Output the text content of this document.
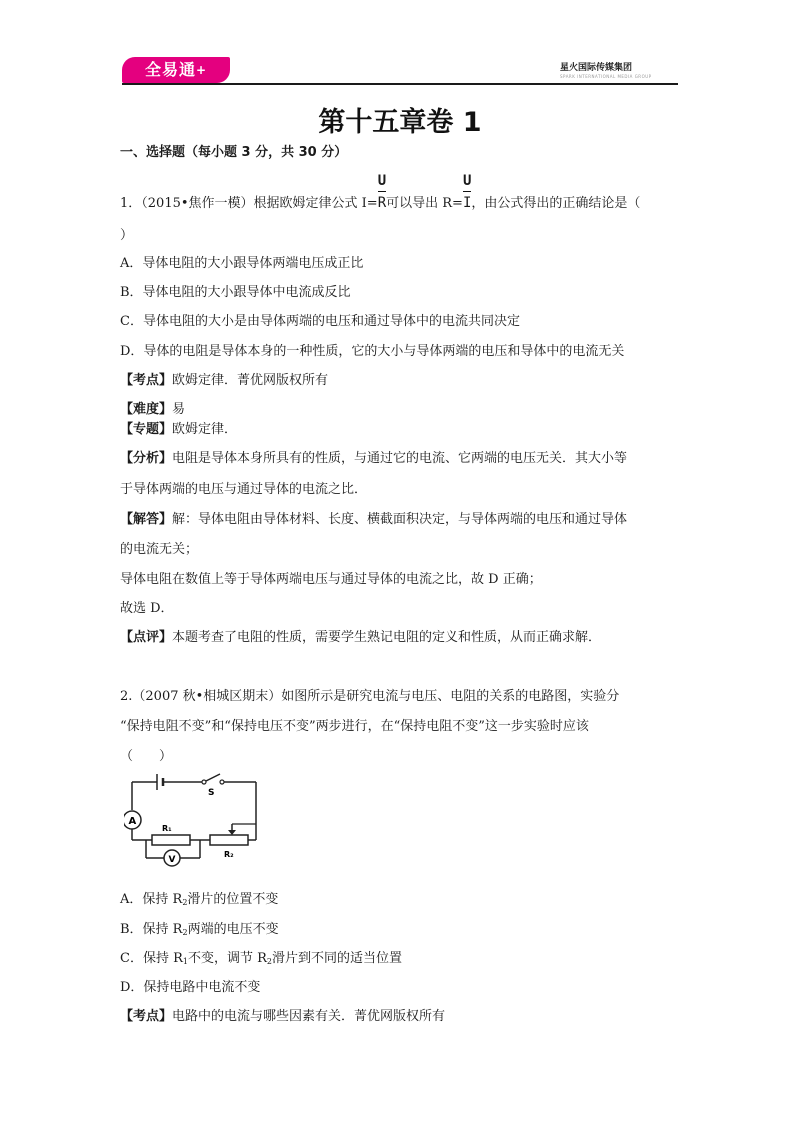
全易通+	星火国际传媒集团
SPARK INTERNATIONAL MEDIA GROUP
第十五章卷 1
一、选择题（每小题 3 分，共 30 分）
1．（2015•焦作一模）根据欧姆定律公式 $I= \frac{U}{R}$可以导出 $R= \frac{U}{I}$，由公式得出的正确结论是（
）
A．导体电阻的大小跟导体两端电压成正比
B．导体电阻的大小跟导体中电流成反比
C．导体电阻的大小是由导体两端的电压和通过导体中的电流共同决定
D．导体的电阻是导体本身的一种性质，它的大小与导体两端的电压和导体中的电流无关
【考点】欧姆定律．菁优网版权所有
【难度】易
【专题】欧姆定律．
【分析】电阻是导体本身所具有的性质，与通过它的电流、它两端的电压无关．其大小等
于导体两端的电压与通过导体的电流之比．
【解答】解：导体电阻由导体材料、长度、横截面积决定，与导体两端的电压和通过导体
的电流无关；
导体电阻在数值上等于导体两端电压与通过导体的电流之比，故 D 正确；
故选 D．
【点评】本题考查了电阻的性质，需要学生熟记电阻的定义和性质，从而正确求解．
2.（2007 秋•相城区期末）如图所示是研究电流与电压、电阻的关系的电路图，实验分
“保持电阻不变”和“保持电压不变”两步进行，在“保持电阻不变”这一步实验时应该
（　　）
S
A
R₁
R₂
V
A．保持 $R_2$滑片的位置不变
B．保持 $R_2$两端的电压不变
C．保持 $R_1$不变，调节 $R_2$滑片到不同的适当位置
D．保持电路中电流不变
【考点】电路中的电流与哪些因素有关．菁优网版权所有
